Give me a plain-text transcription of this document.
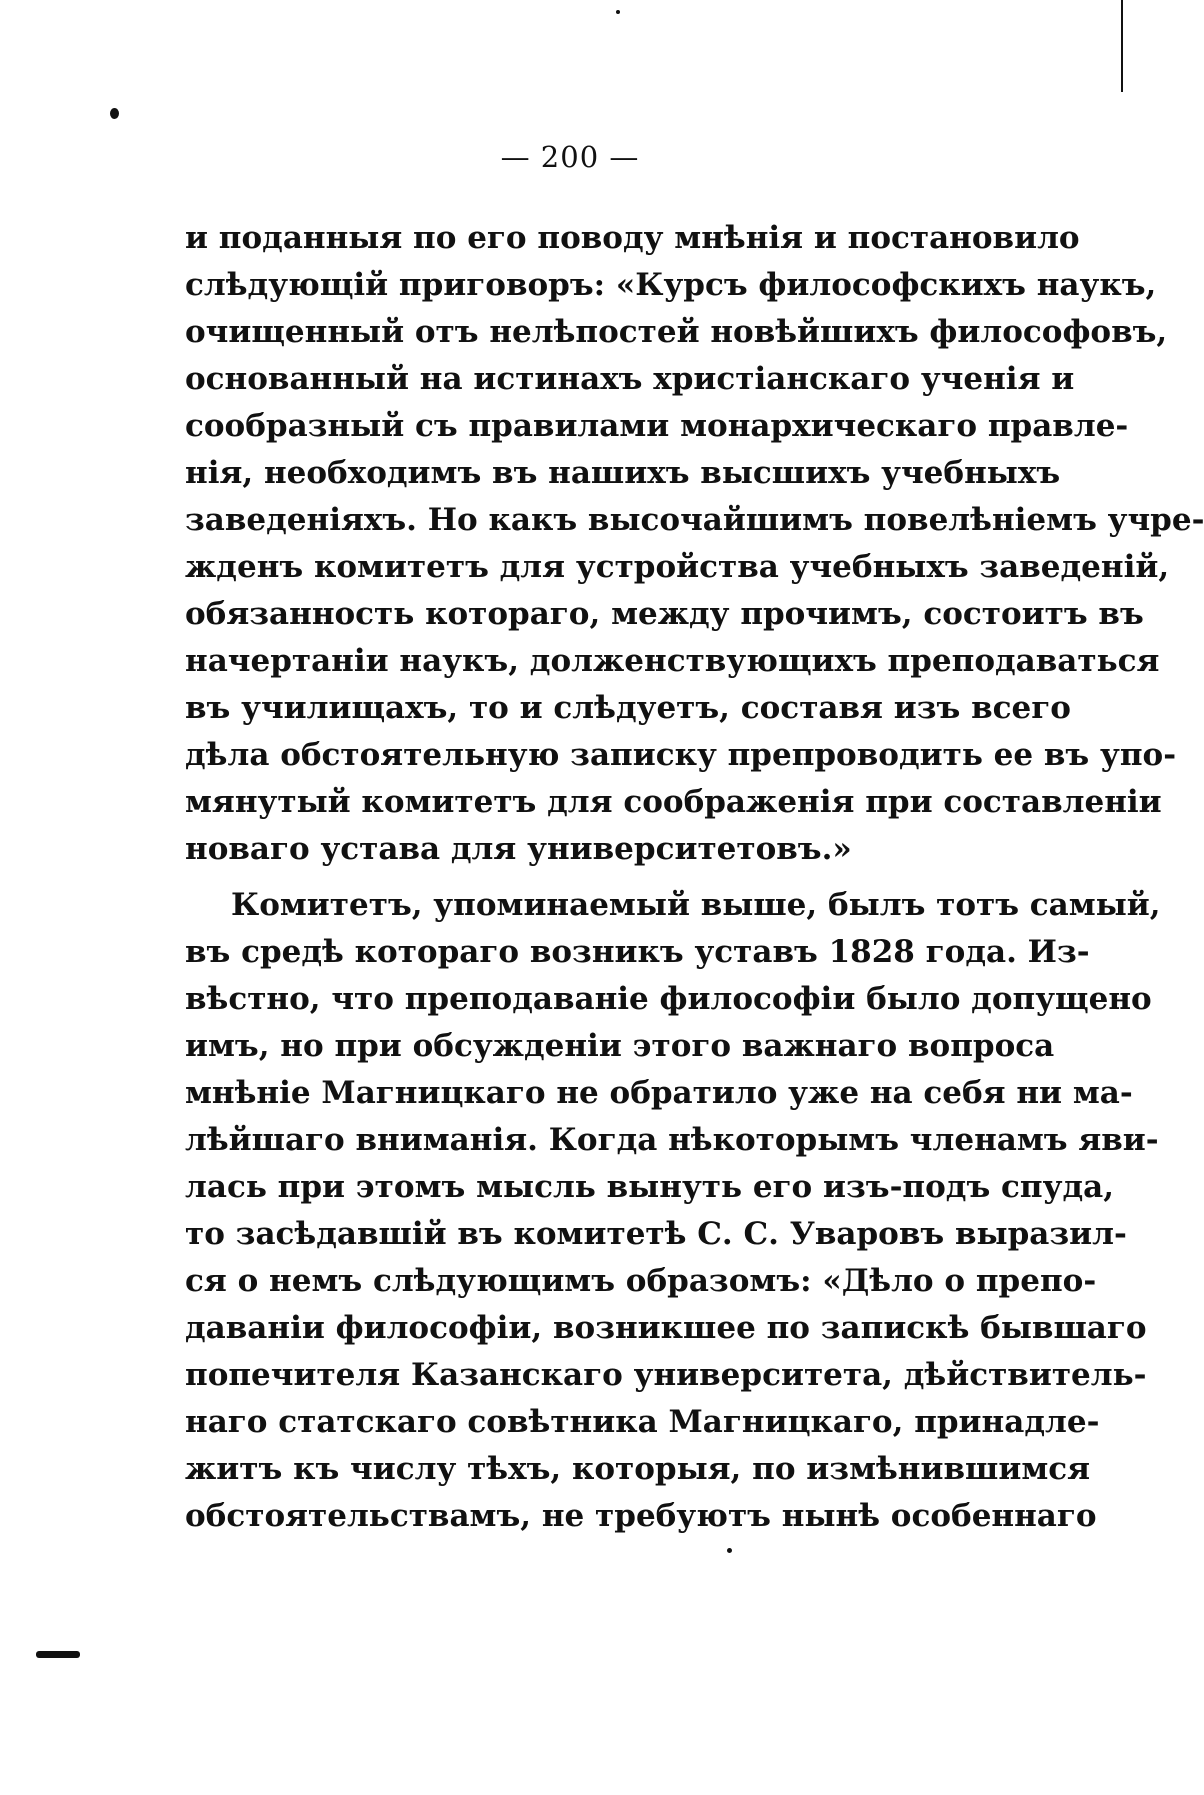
— 200 —
и поданныя по его поводу мнѣнія и постановило
слѣдующій приговоръ: «Курсъ философскихъ наукъ,
очищенный отъ нелѣпостей новѣйшихъ философовъ,
основанный на истинахъ христіанскаго ученія и
сообразный съ правилами монархическаго правле-
нія, необходимъ въ нашихъ высшихъ учебныхъ
заведеніяхъ. Но какъ высочайшимъ повелѣніемъ учре-
жденъ комитетъ для устройства учебныхъ заведеній,
обязанность котораго, между прочимъ, состоитъ въ
начертаніи наукъ, долженствующихъ преподаваться
въ училищахъ, то и слѣдуетъ, составя изъ всего
дѣла обстоятельную записку препроводить ее въ упо-
мянутый комитетъ для соображенія при составленіи
новаго устава для университетовъ.»
Комитетъ, упоминаемый выше, былъ тотъ самый,
въ средѣ котораго возникъ уставъ 1828 года. Из-
вѣстно, что преподаваніе философіи было допущено
имъ, но при обсужденіи этого важнаго вопроса
мнѣніе Магницкаго не обратило уже на себя ни ма-
лѣйшаго вниманія. Когда нѣкоторымъ членамъ яви-
лась при этомъ мысль вынуть его изъ-подъ спуда,
то засѣдавшій въ комитетѣ С. С. Уваровъ выразил-
ся о немъ слѣдующимъ образомъ: «Дѣло о препо-
даваніи философіи, возникшее по запискѣ бывшаго
попечителя Казанскаго университета, дѣйствитель-
наго статскаго совѣтника Магницкаго, принадле-
житъ къ числу тѣхъ, которыя, по измѣнившимся
обстоятельствамъ, не требуютъ нынѣ особеннаго
